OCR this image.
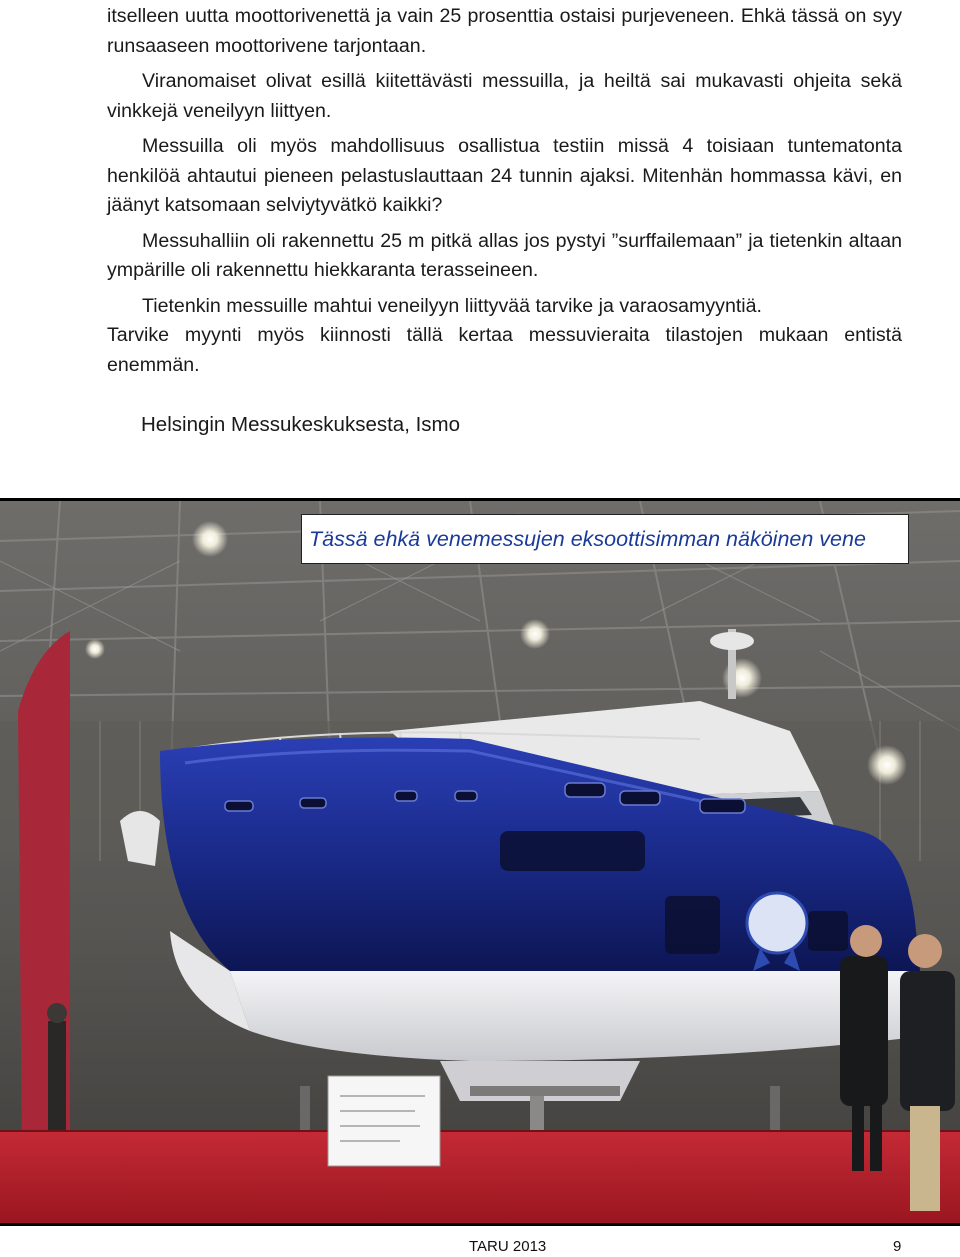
itselleen uutta moottorivenettä ja vain 25 prosenttia ostaisi purjeveneen. Ehkä tässä on syy runsaaseen moottorivene tarjontaan.

Viranomaiset olivat esillä kiitettävästi messuilla, ja heiltä sai mukavasti ohjeita sekä vinkkejä veneilyyn liittyen.

Messuilla oli myös mahdollisuus osallistua testiin missä 4 toisiaan tuntematonta henkilöä ahtautui pieneen pelastuslauttaan 24 tunnin ajaksi. Mitenhän hommassa kävi, en jäänyt katsomaan selviytyvätkö kaikki?

Messuhalliin oli rakennettu 25 m pitkä allas jos pystyi ”surffailemaan” ja tietenkin altaan ympärille oli rakennettu hiekkaranta terasseineen.

Tietenkin messuille mahtui veneilyyn liittyvää tarvike ja varaosamyyntiä.

Tarvike myynti myös kiinnosti tällä kertaa messuvieraita tilastojen mukaan entistä enemmän.

Helsingin Messukeskuksesta, Ismo
Tässä ehkä venemessujen eksoottisimman näköinen vene
TARU 2013	9
